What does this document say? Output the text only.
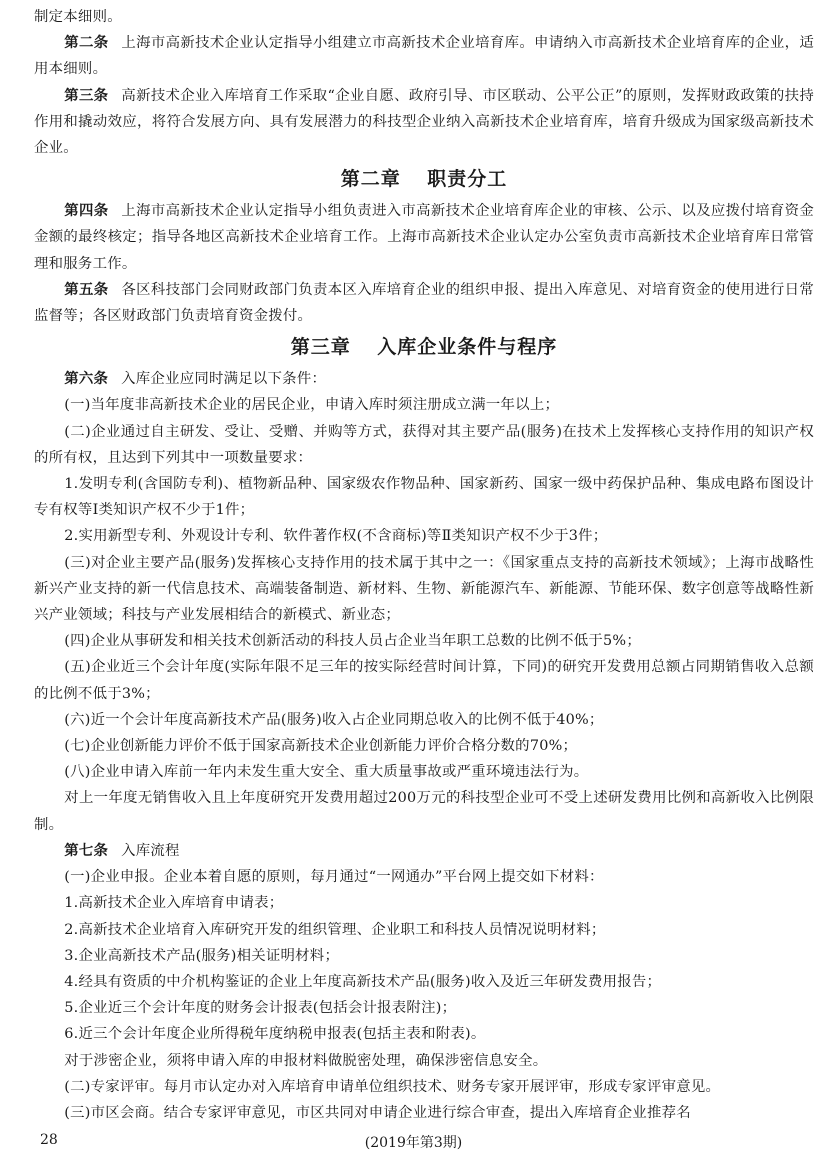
制定本细则。

第二条 上海市高新技术企业认定指导小组建立市高新技术企业培育库。申请纳入市高新技术企业培育库的企业，适用本细则。

第三条 高新技术企业入库培育工作采取“企业自愿、政府引导、市区联动、公平公正”的原则，发挥财政政策的扶持作用和撬动效应，将符合发展方向、具有发展潜力的科技型企业纳入高新技术企业培育库，培育升级成为国家级高新技术企业。

第二章 职责分工

第四条 上海市高新技术企业认定指导小组负责进入市高新技术企业培育库企业的审核、公示、以及应拨付培育资金金额的最终核定；指导各地区高新技术企业培育工作。上海市高新技术企业认定办公室负责市高新技术企业培育库日常管理和服务工作。

第五条 各区科技部门会同财政部门负责本区入库培育企业的组织申报、提出入库意见、对培育资金的使用进行日常监督等；各区财政部门负责培育资金拨付。

第三章 入库企业条件与程序

第六条 入库企业应同时满足以下条件：

(一)当年度非高新技术企业的居民企业，申请入库时须注册成立满一年以上；

(二)企业通过自主研发、受让、受赠、并购等方式，获得对其主要产品(服务)在技术上发挥核心支持作用的知识产权的所有权，且达到下列其中一项数量要求：

1.发明专利(含国防专利)、植物新品种、国家级农作物品种、国家新药、国家一级中药保护品种、集成电路布图设计专有权等Ⅰ类知识产权不少于1件；

2.实用新型专利、外观设计专利、软件著作权(不含商标)等Ⅱ类知识产权不少于3件；

(三)对企业主要产品(服务)发挥核心支持作用的技术属于其中之一：《国家重点支持的高新技术领域》；上海市战略性新兴产业支持的新一代信息技术、高端装备制造、新材料、生物、新能源汽车、新能源、节能环保、数字创意等战略性新兴产业领域；科技与产业发展相结合的新模式、新业态；

(四)企业从事研发和相关技术创新活动的科技人员占企业当年职工总数的比例不低于5%；

(五)企业近三个会计年度(实际年限不足三年的按实际经营时间计算，下同)的研究开发费用总额占同期销售收入总额的比例不低于3%；

(六)近一个会计年度高新技术产品(服务)收入占企业同期总收入的比例不低于40%；

(七)企业创新能力评价不低于国家高新技术企业创新能力评价合格分数的70%；

(八)企业申请入库前一年内未发生重大安全、重大质量事故或严重环境违法行为。

对上一年度无销售收入且上年度研究开发费用超过200万元的科技型企业可不受上述研发费用比例和高新收入比例限制。

第七条 入库流程

(一)企业申报。企业本着自愿的原则，每月通过“一网通办”平台网上提交如下材料：

1.高新技术企业入库培育申请表；

2.高新技术企业培育入库研究开发的组织管理、企业职工和科技人员情况说明材料；

3.企业高新技术产品(服务)相关证明材料；

4.经具有资质的中介机构鉴证的企业上年度高新技术产品(服务)收入及近三年研发费用报告；

5.企业近三个会计年度的财务会计报表(包括会计报表附注)；

6.近三个会计年度企业所得税年度纳税申报表(包括主表和附表)。

对于涉密企业，须将申请入库的申报材料做脱密处理，确保涉密信息安全。

(二)专家评审。每月市认定办对入库培育申请单位组织技术、财务专家开展评审，形成专家评审意见。

(三)市区会商。结合专家评审意见，市区共同对申请企业进行综合审查，提出入库培育企业推荐名

28	(2019年第3期)
